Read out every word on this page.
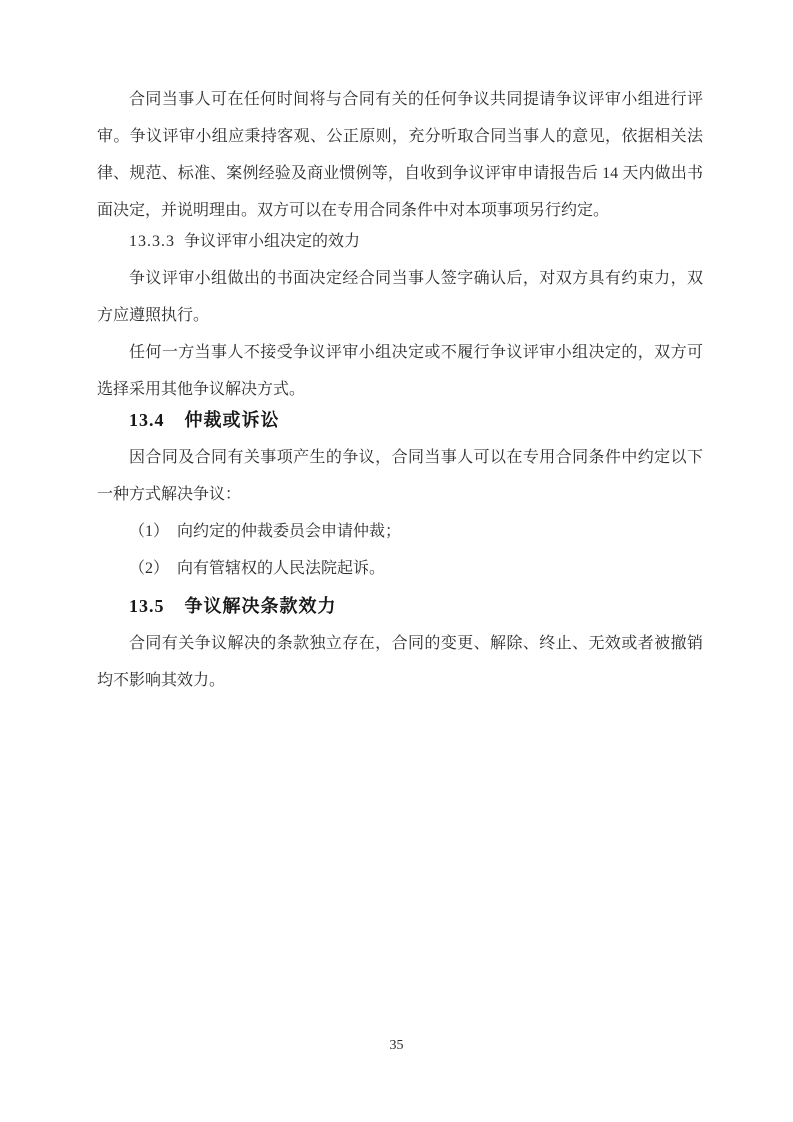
合同当事人可在任何时间将与合同有关的任何争议共同提请争议评审小组进行评审。争议评审小组应秉持客观、公正原则，充分听取合同当事人的意见，依据相关法律、规范、标准、案例经验及商业惯例等，自收到争议评审申请报告后 14 天内做出书面决定，并说明理由。双方可以在专用合同条件中对本项事项另行约定。

13.3.3 争议评审小组决定的效力

争议评审小组做出的书面决定经合同当事人签字确认后，对双方具有约束力，双方应遵照执行。

任何一方当事人不接受争议评审小组决定或不履行争议评审小组决定的，双方可选择采用其他争议解决方式。

13.4 仲裁或诉讼

因合同及合同有关事项产生的争议，合同当事人可以在专用合同条件中约定以下一种方式解决争议：

（1）　向约定的仲裁委员会申请仲裁；

（2）　向有管辖权的人民法院起诉。

13.5 争议解决条款效力

合同有关争议解决的条款独立存在，合同的变更、解除、终止、无效或者被撤销均不影响其效力。

35
